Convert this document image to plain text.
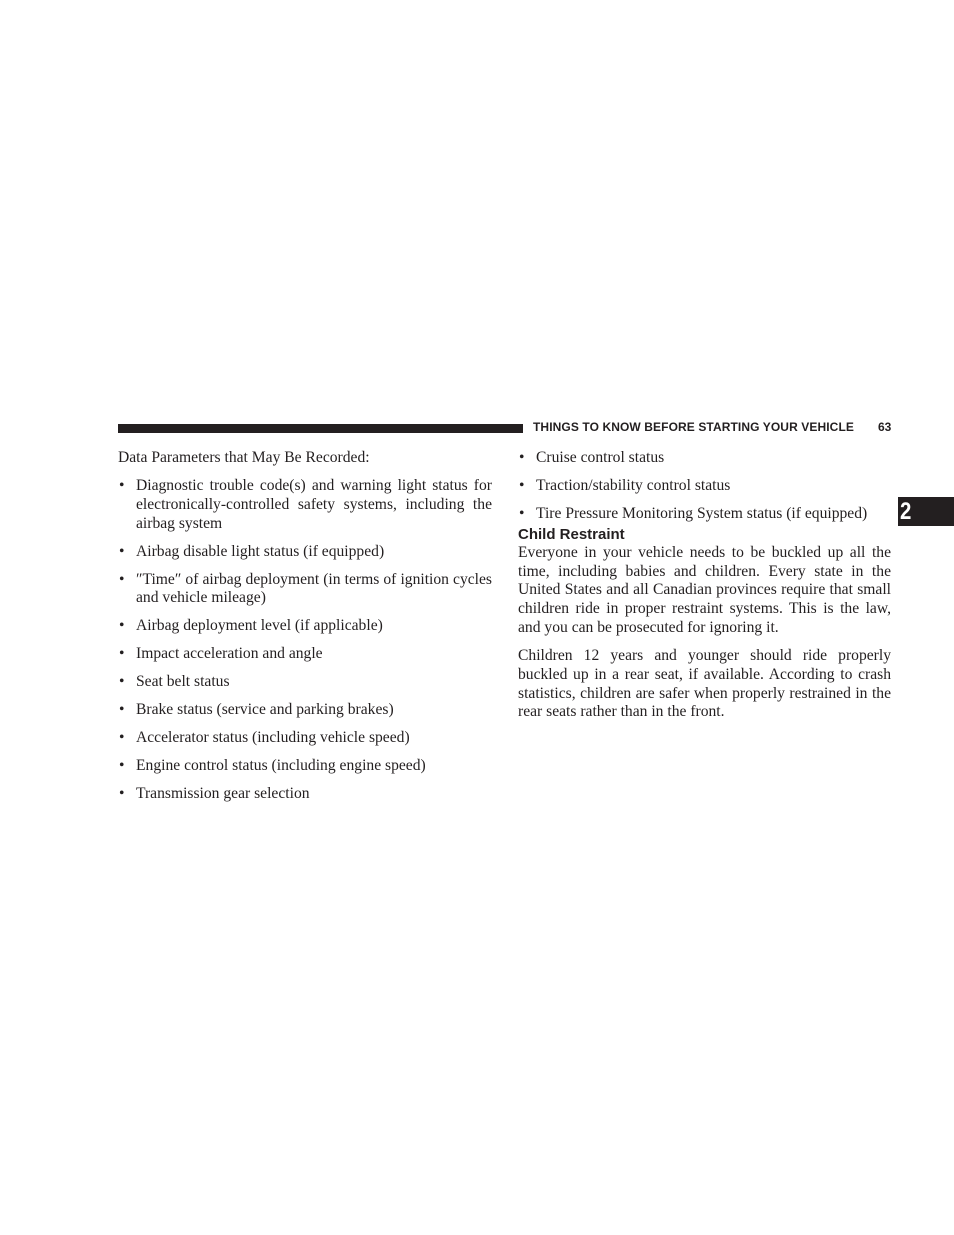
THINGS TO KNOW BEFORE STARTING YOUR VEHICLE 63
2

Data Parameters that May Be Recorded:

• Diagnostic trouble code(s) and warning light status for electronically-controlled safety systems, including the airbag system
• Airbag disable light status (if equipped)
• ″Time″ of airbag deployment (in terms of ignition cycles and vehicle mileage)
• Airbag deployment level (if applicable)
• Impact acceleration and angle
• Seat belt status
• Brake status (service and parking brakes)
• Accelerator status (including vehicle speed)
• Engine control status (including engine speed)
• Transmission gear selection
• Cruise control status
• Traction/stability control status
• Tire Pressure Monitoring System status (if equipped)
Child Restraint

Everyone in your vehicle needs to be buckled up all the time, including babies and children. Every state in the United States and all Canadian provinces require that small children ride in proper restraint systems. This is the law, and you can be prosecuted for ignoring it.

Children 12 years and younger should ride properly buckled up in a rear seat, if available. According to crash statistics, children are safer when properly restrained in the rear seats rather than in the front.
